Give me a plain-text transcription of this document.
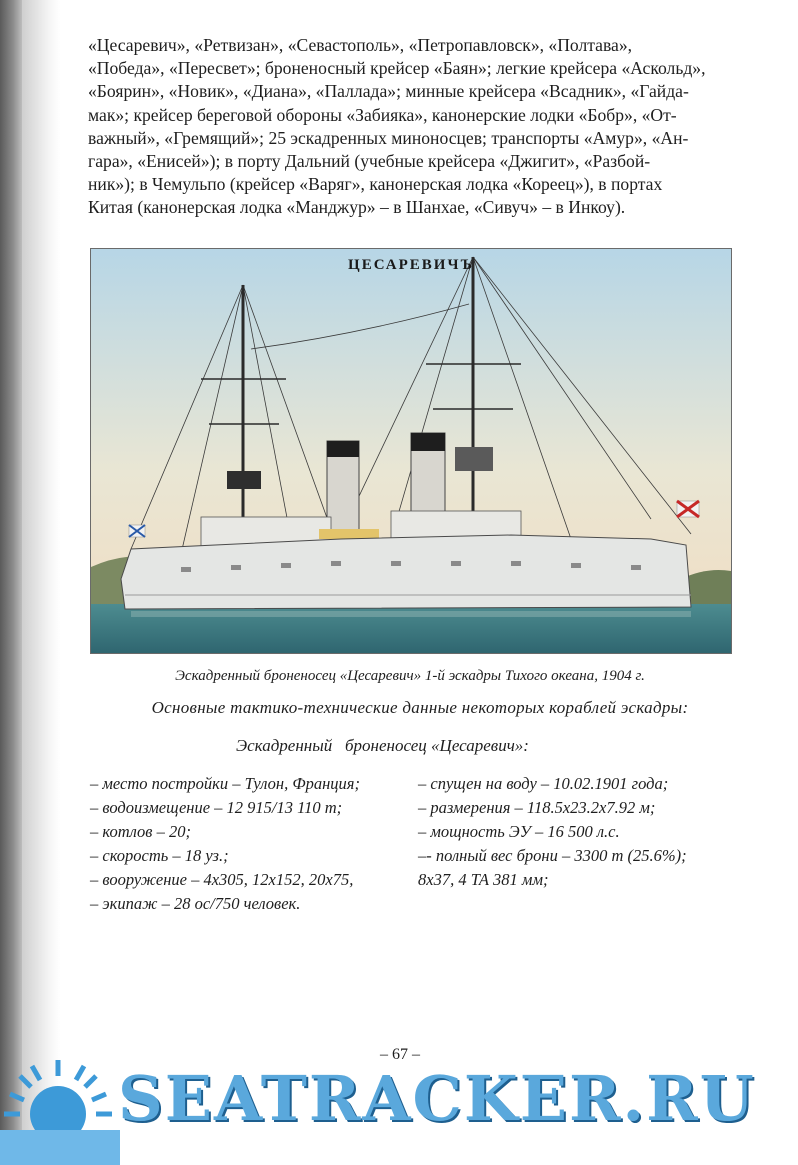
«Цесаревич», «Ретвизан», «Севастополь», «Петропавловск», «Полтава»,
«Победа», «Пересвет»; броненосный крейсер «Баян»; легкие крейсера «Аскольд»,
«Боярин», «Новик», «Диана», «Паллада»; минные крейсера «Всадник», «Гайда-
мак»; крейсер береговой обороны «Забияка», канонерские лодки «Бобр», «От-
важный», «Гремящий»; 25 эскадренных миноносцев; транспорты «Амур», «Ан-
гара», «Енисей»); в порту Дальний (учебные крейсера «Джигит», «Разбой-
ник»); в Чемульпо (крейсер «Варяг», канонерская лодка «Кореец»), в портах
Китая (канонерская лодка «Манджур» – в Шанхае, «Сивуч» – в Инкоу).
ЦЕСАРЕВИЧЪ
Эскадренный броненосец «Цесаревич» 1-й эскадры Тихого океана, 1904 г.
Основные тактико-технические данные некоторых кораблей эскадры:
Эскадренный   броненосец «Цесаревич»:
– место постройки – Тулон, Франция;
– водоизмещение – 12 915/13 110 т;
– котлов – 20;
– скорость – 18 уз.;
– вооружение – 4x305, 12x152, 20x75,
– экипаж – 28 ос/750 человек.
– спущен на воду – 10.02.1901 года;
– размерения – 118.5x23.2x7.92 м;
– мощность ЭУ – 16 500 л.с.
–- полный вес брони – 3300 т (25.6%);
8x37, 4 ТА 381 мм;
– 67 –
SEATRACKER.RU
